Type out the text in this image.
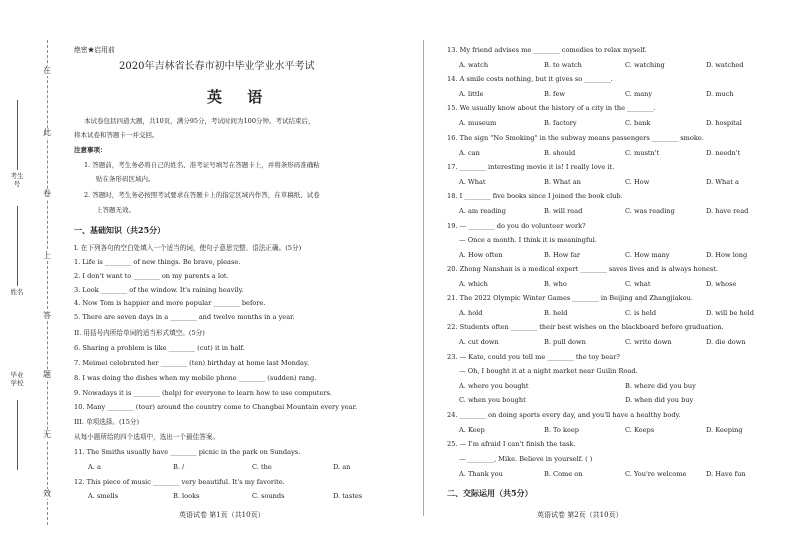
在
此
卷
上
答
题
无
效
考生号
姓名
毕业学校
绝密★启用前
2020年吉林省长春市初中毕业学业水平考试
英 语
本试卷包括四道大题，共10页，满分95分，考试时间为100分钟。考试结束后，
将本试卷和答题卡一并交回。
注意事项：
1. 答题前，考生务必将自己的姓名、准考证号填写在答题卡上，并将条形码准确粘
贴在条形码区域内。
2. 答题时，考生务必按照考试要求在答题卡上的指定区域内作答，在草稿纸、试卷
上答题无效。
一、基础知识（共25分）
I. 在下列各句的空白处填入一个适当的词，使句子意思完整、语法正确。(5分)
1. Life is ________ of new things. Be brave, please.
2. I don't want to ________ on my parents a lot.
3. Look ________ of the window. It's raining heavily.
4. Now Tom is happier and more popular ________ before.
5. There are seven days in a ________ and twelve months in a year.
II. 用括号内所给单词的适当形式填空。(5分)
6. Sharing a problem is like ________ (cut) it in half.
7. Meimei celebrated her ________ (ten) birthday at home last Monday.
8. I was doing the dishes when my mobile phone ________ (sudden) rang.
9. Nowadays it is ________ (help) for everyone to learn how to use computers.
10. Many ________ (tour) around the country come to Changbai Mountain every year.
III. 单项选择。(15分)
从每小题所给的四个选项中，选出一个最佳答案。
11. The Smiths usually have ________ picnic in the park on Sundays.
A. a	B. /	C. the	D. an
12. This piece of music ________ very beautiful. It's my favorite.
A. smells	B. looks	C. sounds	D. tastes
英语试卷 第1页（共10页）
13. My friend advises me ________ comedies to relax myself.
A. watch	B. to watch	C. watching	D. watched
14. A smile costs nothing, but it gives so ________.
A. little	B. few	C. many	D. much
15. We usually know about the history of a city in the ________.
A. museum	B. factory	C. bank	D. hospital
16. The sign "No Smoking" in the subway means passengers ________ smoke.
A. can	B. should	C. mustn't	D. needn't
17. ________ interesting movie it is! I really love it.
A. What	B. What an	C. How	D. What a
18. I ________ five books since I joined the book club.
A. am reading	B. will read	C. was reading	D. have read
19. — ________ do you do volunteer work?
— Once a month. I think it is meaningful.
A. How often	B. How far	C. How many	D. How long
20. Zhong Nanshan is a medical expert ________ saves lives and is always honest.
A. which	B. who	C. what	D. whose
21. The 2022 Olympic Winter Games ________ in Beijing and Zhangjiakou.
A. hold	B. held	C. is held	D. will be held
22. Students often ________ their best wishes on the blackboard before graduation.
A. cut down	B. pull down	C. write down	D. die down
23. — Kate, could you tell me ________ the toy bear?
— Oh, I bought it at a night market near Guilin Road.
A. where you bought	B. where did you buy
C. when you bought	D. when did you buy
24. ________ on doing sports every day, and you'll have a healthy body.
A. Keep	B. To keep	C. Keeps	D. Keeping
25. — I'm afraid I can't finish the task.
— ________, Mike. Believe in yourself. ( )
A. Thank you	B. Come on	C. You're welcome	D. Have fun
二、交际运用（共5分）
英语试卷 第2页（共10页）
